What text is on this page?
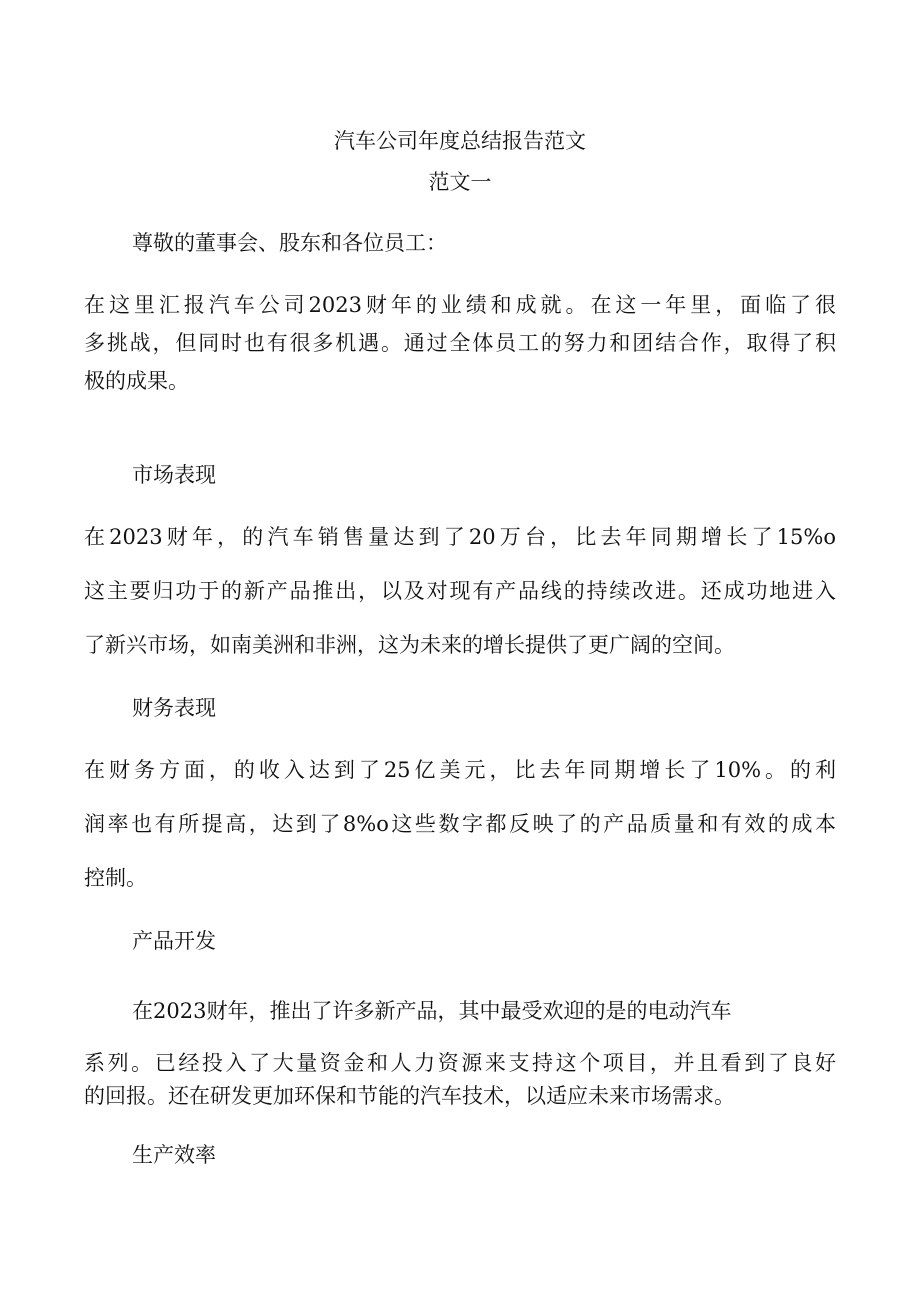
汽车公司年度总结报告范文
范文一
尊敬的董事会、股东和各位员工：
在这里汇报汽车公司2023财年的业绩和成就。在这一年里，面临了很
多挑战，但同时也有很多机遇。通过全体员工的努力和团结合作，取得了积
极的成果。
市场表现
在2023财年，的汽车销售量达到了20万台，比去年同期增长了15%o
这主要归功于的新产品推出，以及对现有产品线的持续改进。还成功地进入
了新兴市场，如南美洲和非洲，这为未来的增长提供了更广阔的空间。
财务表现
在财务方面，的收入达到了25亿美元，比去年同期增长了10%。的利
润率也有所提高，达到了8%o这些数字都反映了的产品质量和有效的成本
控制。
产品开发
在2023财年，推出了许多新产品，其中最受欢迎的是的电动汽车
系列。已经投入了大量资金和人力资源来支持这个项目，并且看到了良好
的回报。还在研发更加环保和节能的汽车技术，以适应未来市场需求。
生产效率
